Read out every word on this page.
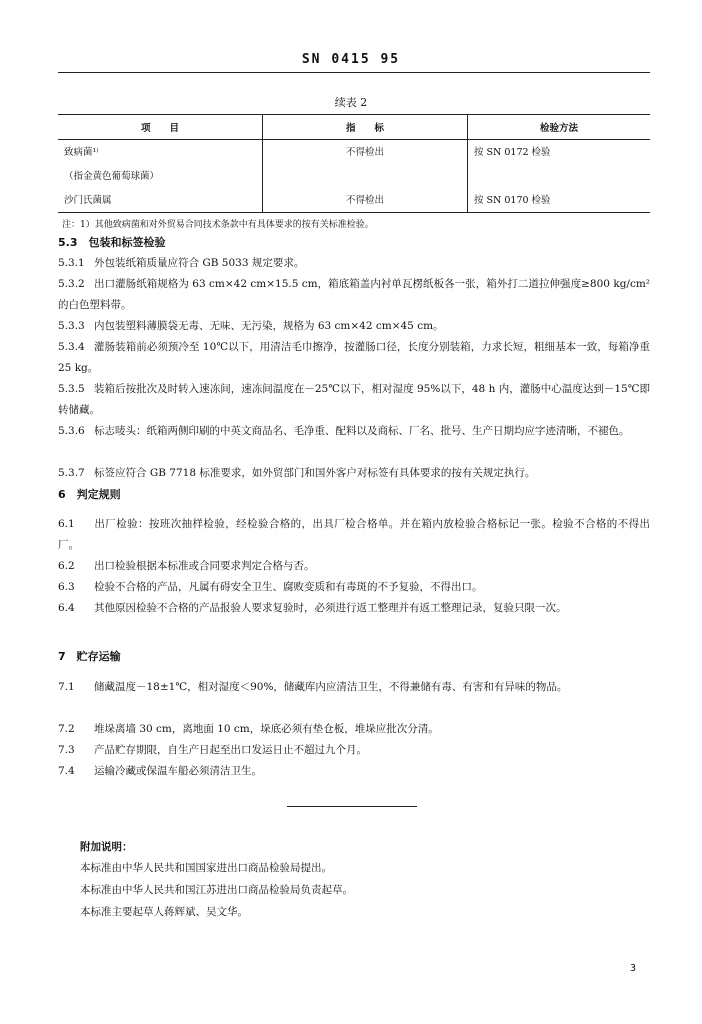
SN 0415 95
续表 2
项　　目	指　　标	检验方法
致病菌¹⁾	不得检出	按 SN 0172 检验
（指金黄色葡萄球菌）		
沙门氏菌属	不得检出	按 SN 0170 检验
注：1）其他致病菌和对外贸易合同技术条款中有具体要求的按有关标准检验。
5.3　包装和标签检验
5.3.1 外包装纸箱质量应符合 GB 5033 规定要求。
5.3.2 出口灌肠纸箱规格为 63 cm×42 cm×15.5 cm，箱底箱盖内衬单瓦楞纸板各一张，箱外打二道拉伸强度≥800 kg/cm² 的白色塑料带。
5.3.3 内包装塑料薄膜袋无毒、无味、无污染，规格为 63 cm×42 cm×45 cm。
5.3.4 灌肠装箱前必须预冷至 10℃以下，用清洁毛巾擦净，按灌肠口径，长度分别装箱，力求长短，粗细基本一致，每箱净重 25 kg。
5.3.5 装箱后按批次及时转入速冻间，速冻间温度在－25℃以下，相对湿度 95%以下，48 h 内，灌肠中心温度达到－15℃即转储藏。
5.3.6 标志唛头：纸箱两侧印刷的中英文商品名、毛净重、配料以及商标、厂名、批号、生产日期均应字迹清晰，不褪色。
5.3.7 标签应符合 GB 7718 标准要求，如外贸部门和国外客户对标签有具体要求的按有关规定执行。
6　判定规则
6.1 出厂检验：按班次抽样检验，经检验合格的，出具厂检合格单。并在箱内放检验合格标记一张。检验不合格的不得出厂。
6.2 出口检验根据本标准或合同要求判定合格与否。
6.3 检验不合格的产品，凡属有碍安全卫生、腐败变质和有毒斑的不予复验，不得出口。
6.4 其他原因检验不合格的产品报验人要求复验时，必须进行返工整理并有返工整理记录，复验只限一次。
7　贮存运输
7.1 储藏温度－18±1℃，相对湿度＜90%，储藏库内应清洁卫生，不得兼储有毒、有害和有异味的物品。
7.2 堆垛离墙 30 cm，离地面 10 cm，垛底必须有垫仓板，堆垛应批次分清。
7.3 产品贮存期限，自生产日起至出口发运日止不超过九个月。
7.4 运输冷藏或保温车船必须清洁卫生。
附加说明：
本标准由中华人民共和国国家进出口商品检验局提出。
本标准由中华人民共和国江苏进出口商品检验局负责起草。
本标准主要起草人蒋辉斌、吴文华。
3
